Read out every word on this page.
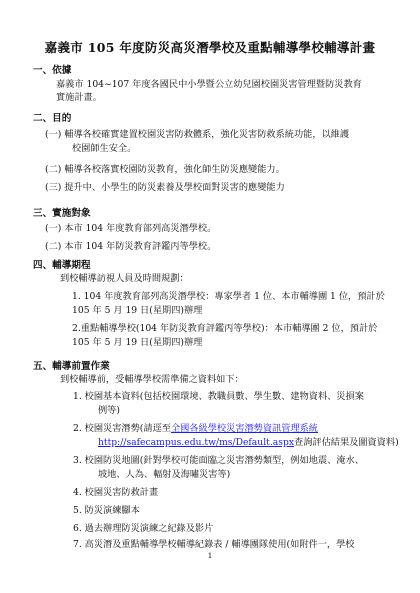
嘉義市 105 年度防災高災潛學校及重點輔導學校輔導計畫
一、依據
嘉義市 104~107 年度各國民中小學暨公立幼兒園校園災害管理暨防災教育
實施計畫。
二、目的
(一) 輔導各校確實建置校園災害防救體系，強化災害防救系統功能，以維護
校園師生安全。
(二) 輔導各校落實校園防災教育，強化師生防災應變能力。
(三) 提升中、小學生的防災素養及學校面對災害的應變能力
三、實施對象
(一) 本市 104 年度教育部列高災潛學校。
(二) 本市 104 年防災教育評鑑丙等學校。
四、輔導期程
到校輔導訪視人員及時間規劃：
1. 104 年度教育部列高災潛學校：專家學者 1 位、本市輔導團 1 位，預計於
105 年 5 月 19 日(星期四)辦理
2.重點輔導學校(104 年防災教育評鑑丙等學校)：本市輔導團 2 位，預計於
105 年 5 月 19 日(星期四)辦理
五、輔導前置作業
到校輔導前，受輔導學校需準備之資料如下：
1. 校園基本資料(包括校園環境、教職員數、學生數、建物資料、災損案
例等)
2. 校園災害潛勢(請逕至全國各級學校災害潛勢資訊管理系統
http://safecampus.edu.tw/ms/Default.aspx查詢評估結果及圖資資料)
3. 校園防災地圖(針對學校可能面臨之災害潛勢類型，例如地震、淹水、
坡地、人為、輻射及海嘯災害等)
4. 校園災害防救計畫
5. 防災演練腳本
6. 過去辦理防災演練之紀錄及影片
7. 高災潛及重點輔導學校輔導紀錄表 / 輔導團隊使用(如附件一，學校
1
